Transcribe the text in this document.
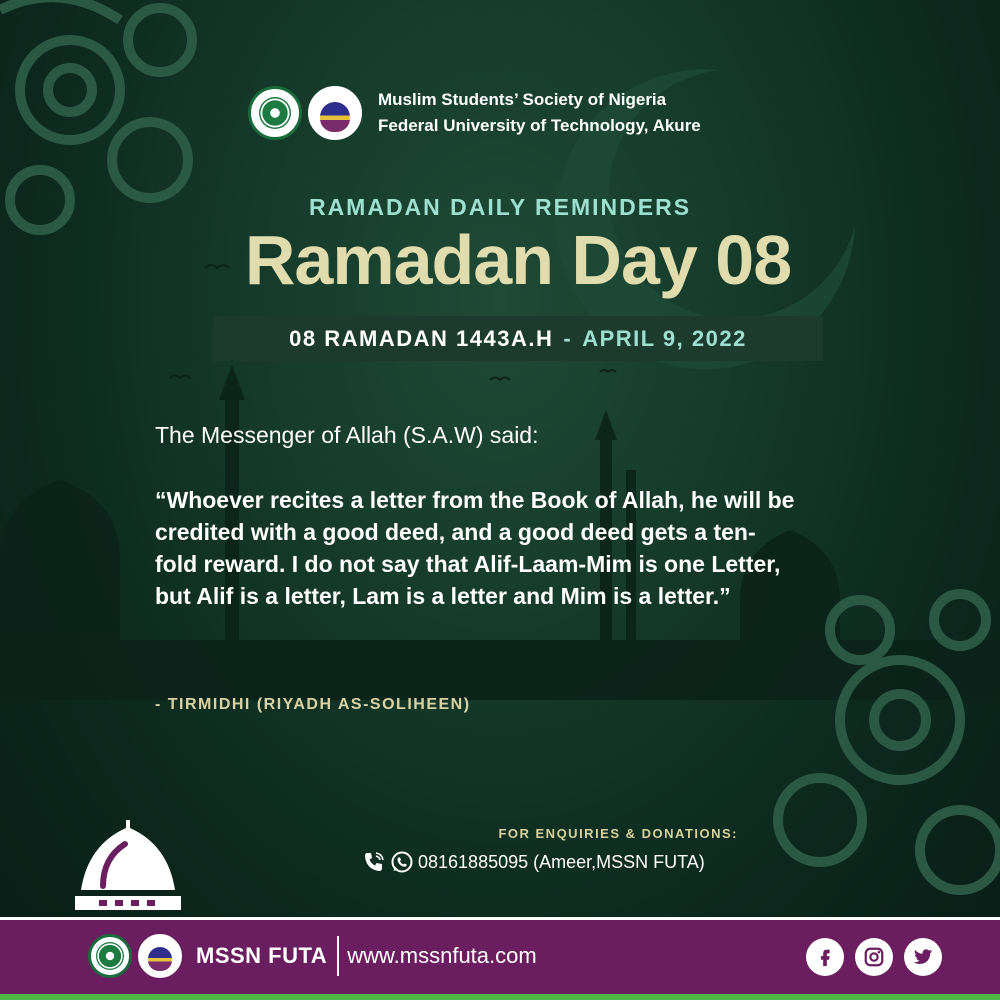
Muslim Students’ Society of Nigeria
Federal University of Technology, Akure
RAMADAN DAILY REMINDERS
Ramadan Day 08
08 RAMADAN 1443A.H - APRIL 9, 2022
The Messenger of Allah (S.A.W) said:
“Whoever recites a letter from the Book of Allah, he will be credited with a good deed, and a good deed gets a ten-fold reward. I do not say that Alif-Laam-Mim is one Letter, but Alif is a letter, Lam is a letter and Mim is a letter.”
- TIRMIDHI (RIYADH AS-SOLIHEEN)
FOR ENQUIRIES & DONATIONS:
08161885095 (Ameer,MSSN FUTA)
MSSN FUTA www.mssnfuta.com
